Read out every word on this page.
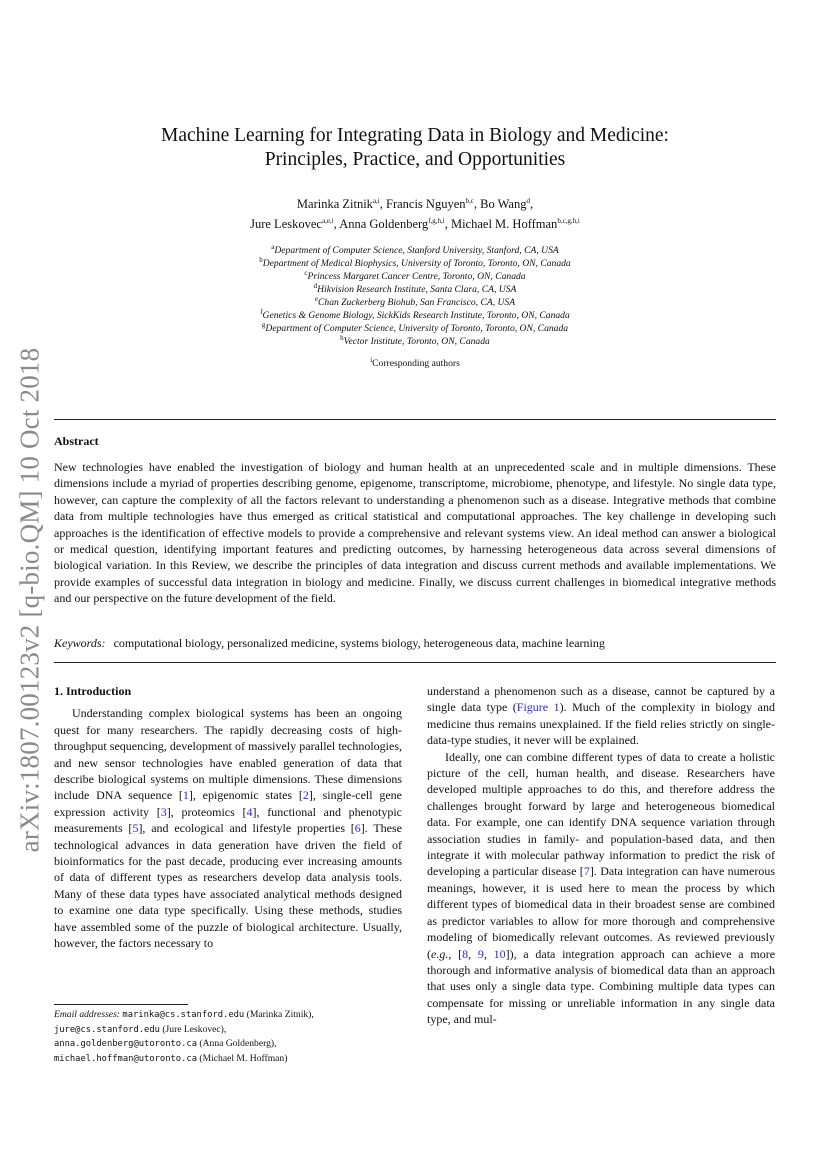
arXiv:1807.00123v2 [q-bio.QM] 10 Oct 2018
Machine Learning for Integrating Data in Biology and Medicine:
Principles, Practice, and Opportunities
Marinka Zitnik$^{a,i}$, Francis Nguyen$^{b,c}$, Bo Wang$^d$,
Jure Leskovec$^{a,e,i}$, Anna Goldenberg$^{f,g,h,i}$, Michael M. Hoffman$^{b,c,g,h,i}$
$^a$Department of Computer Science, Stanford University, Stanford, CA, USA
$^b$Department of Medical Biophysics, University of Toronto, Toronto, ON, Canada
$^c$Princess Margaret Cancer Centre, Toronto, ON, Canada
$^d$Hikvision Research Institute, Santa Clara, CA, USA
$^e$Chan Zuckerberg Biohub, San Francisco, CA, USA
$^f$Genetics & Genome Biology, SickKids Research Institute, Toronto, ON, Canada
$^g$Department of Computer Science, University of Toronto, Toronto, ON, Canada
$^h$Vector Institute, Toronto, ON, Canada
$^i$Corresponding authors
Abstract
New technologies have enabled the investigation of biology and human health at an unprecedented scale and in multiple dimensions. These dimensions include a myriad of properties describing genome, epigenome, transcriptome, microbiome, phenotype, and lifestyle. No single data type, however, can capture the complexity of all the factors relevant to understanding a phenomenon such as a disease. Integrative methods that combine data from multiple technologies have thus emerged as critical statistical and computational approaches. The key challenge in developing such approaches is the identification of effective models to provide a comprehensive and relevant systems view. An ideal method can answer a biological or medical question, identifying important features and predicting outcomes, by harnessing heterogeneous data across several dimensions of biological variation. In this Review, we describe the principles of data integration and discuss current methods and available implementations. We provide examples of successful data integration in biology and medicine. Finally, we discuss current challenges in biomedical integrative methods and our perspective on the future development of the field.
Keywords: computational biology, personalized medicine, systems biology, heterogeneous data, machine learning
1. Introduction

Understanding complex biological systems has been an ongoing quest for many researchers. The rapidly decreasing costs of high-throughput sequencing, development of massively parallel technologies, and new sensor technologies have enabled generation of data that describe biological systems on multiple dimensions. These dimensions include DNA sequence [1], epigenomic states [2], single-cell gene expression activity [3], proteomics [4], functional and phenotypic measurements [5], and ecological and lifestyle properties [6]. These technological advances in data generation have driven the field of bioinformatics for the past decade, producing ever increasing amounts of data of different types as researchers develop data analysis tools. Many of these data types have associated analytical methods designed to examine one data type specifically. Using these methods, studies have assembled some of the puzzle of biological architecture. Usually, however, the factors necessary to

understand a phenomenon such as a disease, cannot be captured by a single data type (Figure 1). Much of the complexity in biology and medicine thus remains unexplained. If the field relies strictly on single-data-type studies, it never will be explained.

Ideally, one can combine different types of data to create a holistic picture of the cell, human health, and disease. Researchers have developed multiple approaches to do this, and therefore address the challenges brought forward by large and heterogeneous biomedical data. For example, one can identify DNA sequence variation through association studies in family- and population-based data, and then integrate it with molecular pathway information to predict the risk of developing a particular disease [7]. Data integration can have numerous meanings, however, it is used here to mean the process by which different types of biomedical data in their broadest sense are combined as predictor variables to allow for more thorough and comprehensive modeling of biomedically relevant outcomes. As reviewed previously (e.g., [8, 9, 10]), a data integration approach can achieve a more thorough and informative analysis of biomedical data than an approach that uses only a single data type. Combining multiple data types can compensate for missing or unreliable information in any single data type, and mul-

Email addresses: marinka@cs.stanford.edu (Marinka Zitnik),
jure@cs.stanford.edu (Jure Leskovec),
anna.goldenberg@utoronto.ca (Anna Goldenberg),
michael.hoffman@utoronto.ca (Michael M. Hoffman)
